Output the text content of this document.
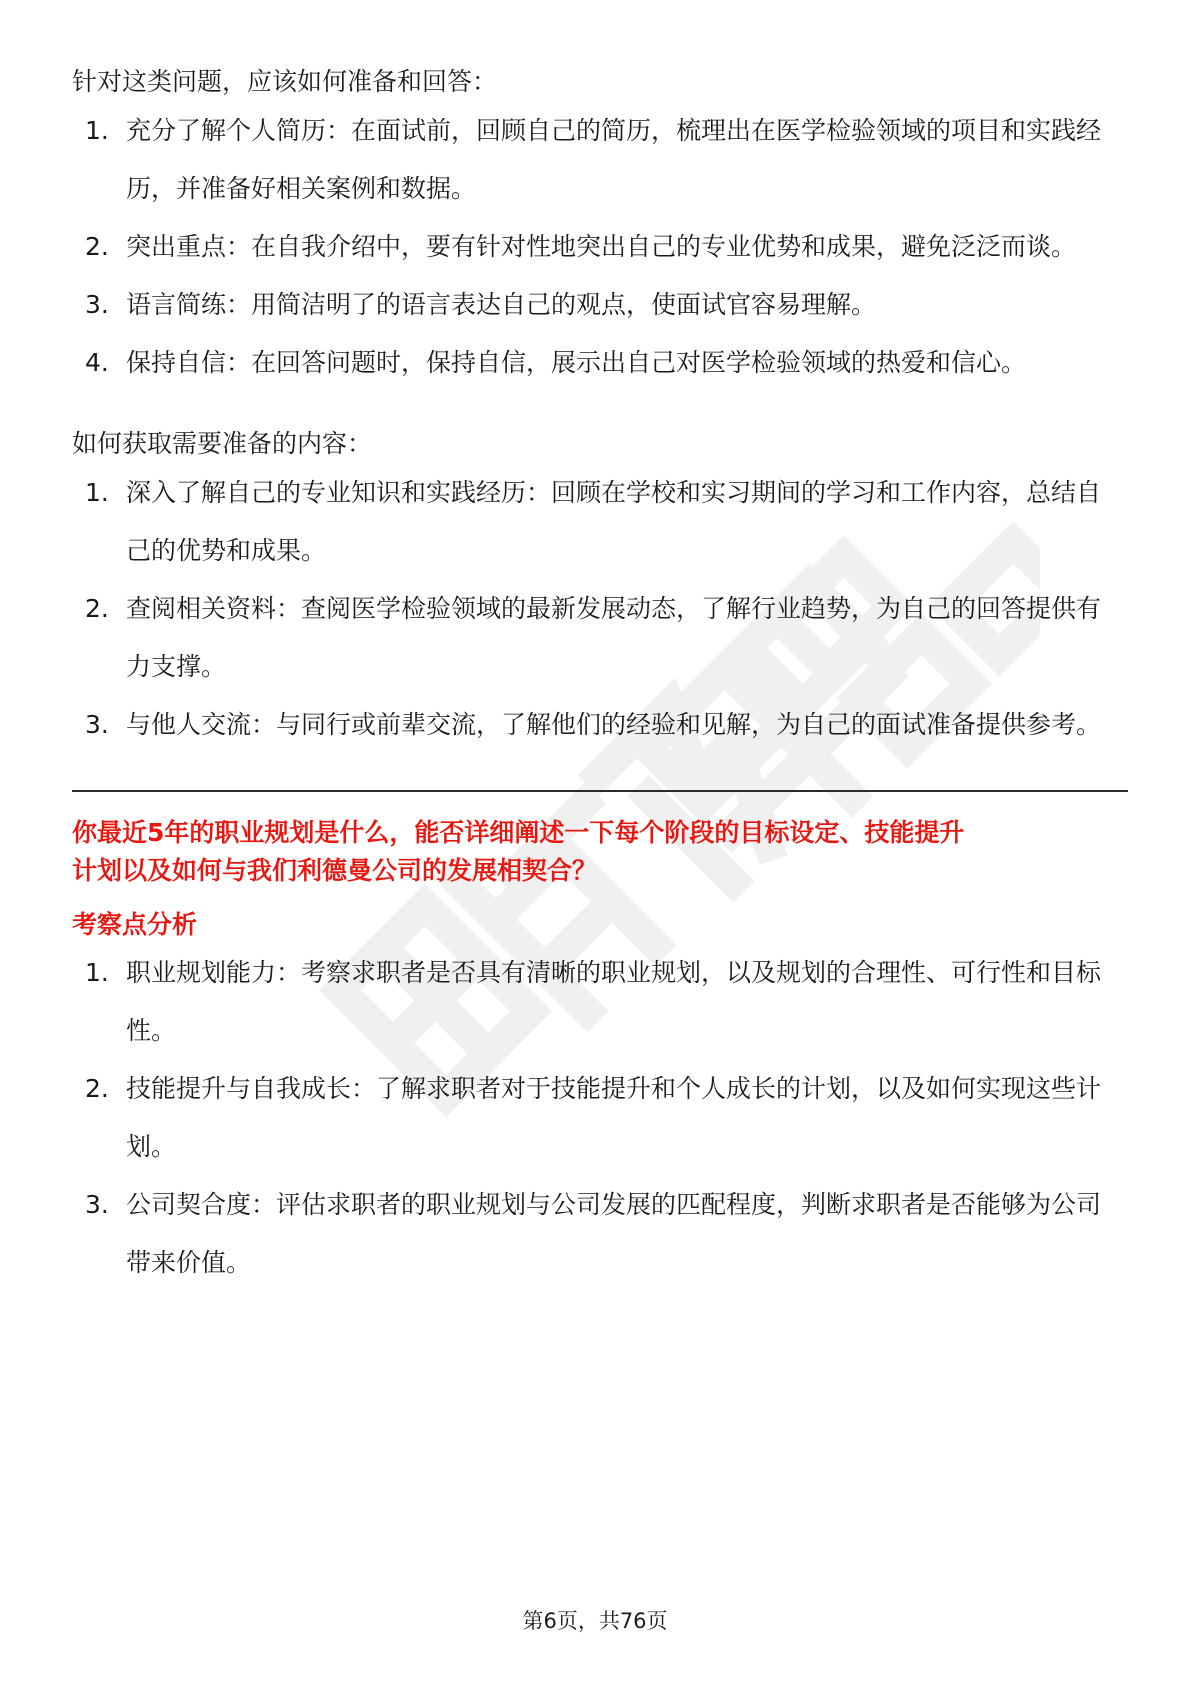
针对这类问题，应该如何准备和回答：

1. 充分了解个人简历：在面试前，回顾自己的简历，梳理出在医学检验领域的项目和实践经历，并准备好相关案例和数据。
2. 突出重点：在自我介绍中，要有针对性地突出自己的专业优势和成果，避免泛泛而谈。
3. 语言简练：用简洁明了的语言表达自己的观点，使面试官容易理解。
4. 保持自信：在回答问题时，保持自信，展示出自己对医学检验领域的热爱和信心。

如何获取需要准备的内容：

1. 深入了解自己的专业知识和实践经历：回顾在学校和实习期间的学习和工作内容，总结自己的优势和成果。
2. 查阅相关资料：查阅医学检验领域的最新发展动态，了解行业趋势，为自己的回答提供有力支撑。
3. 与他人交流：与同行或前辈交流，了解他们的经验和见解，为自己的面试准备提供参考。

你最近5年的职业规划是什么，能否详细阐述一下每个阶段的目标设定、技能提升
计划以及如何与我们利德曼公司的发展相契合？

考察点分析

1. 职业规划能力：考察求职者是否具有清晰的职业规划，以及规划的合理性、可行性和目标性。
2. 技能提升与自我成长：了解求职者对于技能提升和个人成长的计划，以及如何实现这些计划。
3. 公司契合度：评估求职者的职业规划与公司发展的匹配程度，判断求职者是否能够为公司带来价值。
第6页，共76页
